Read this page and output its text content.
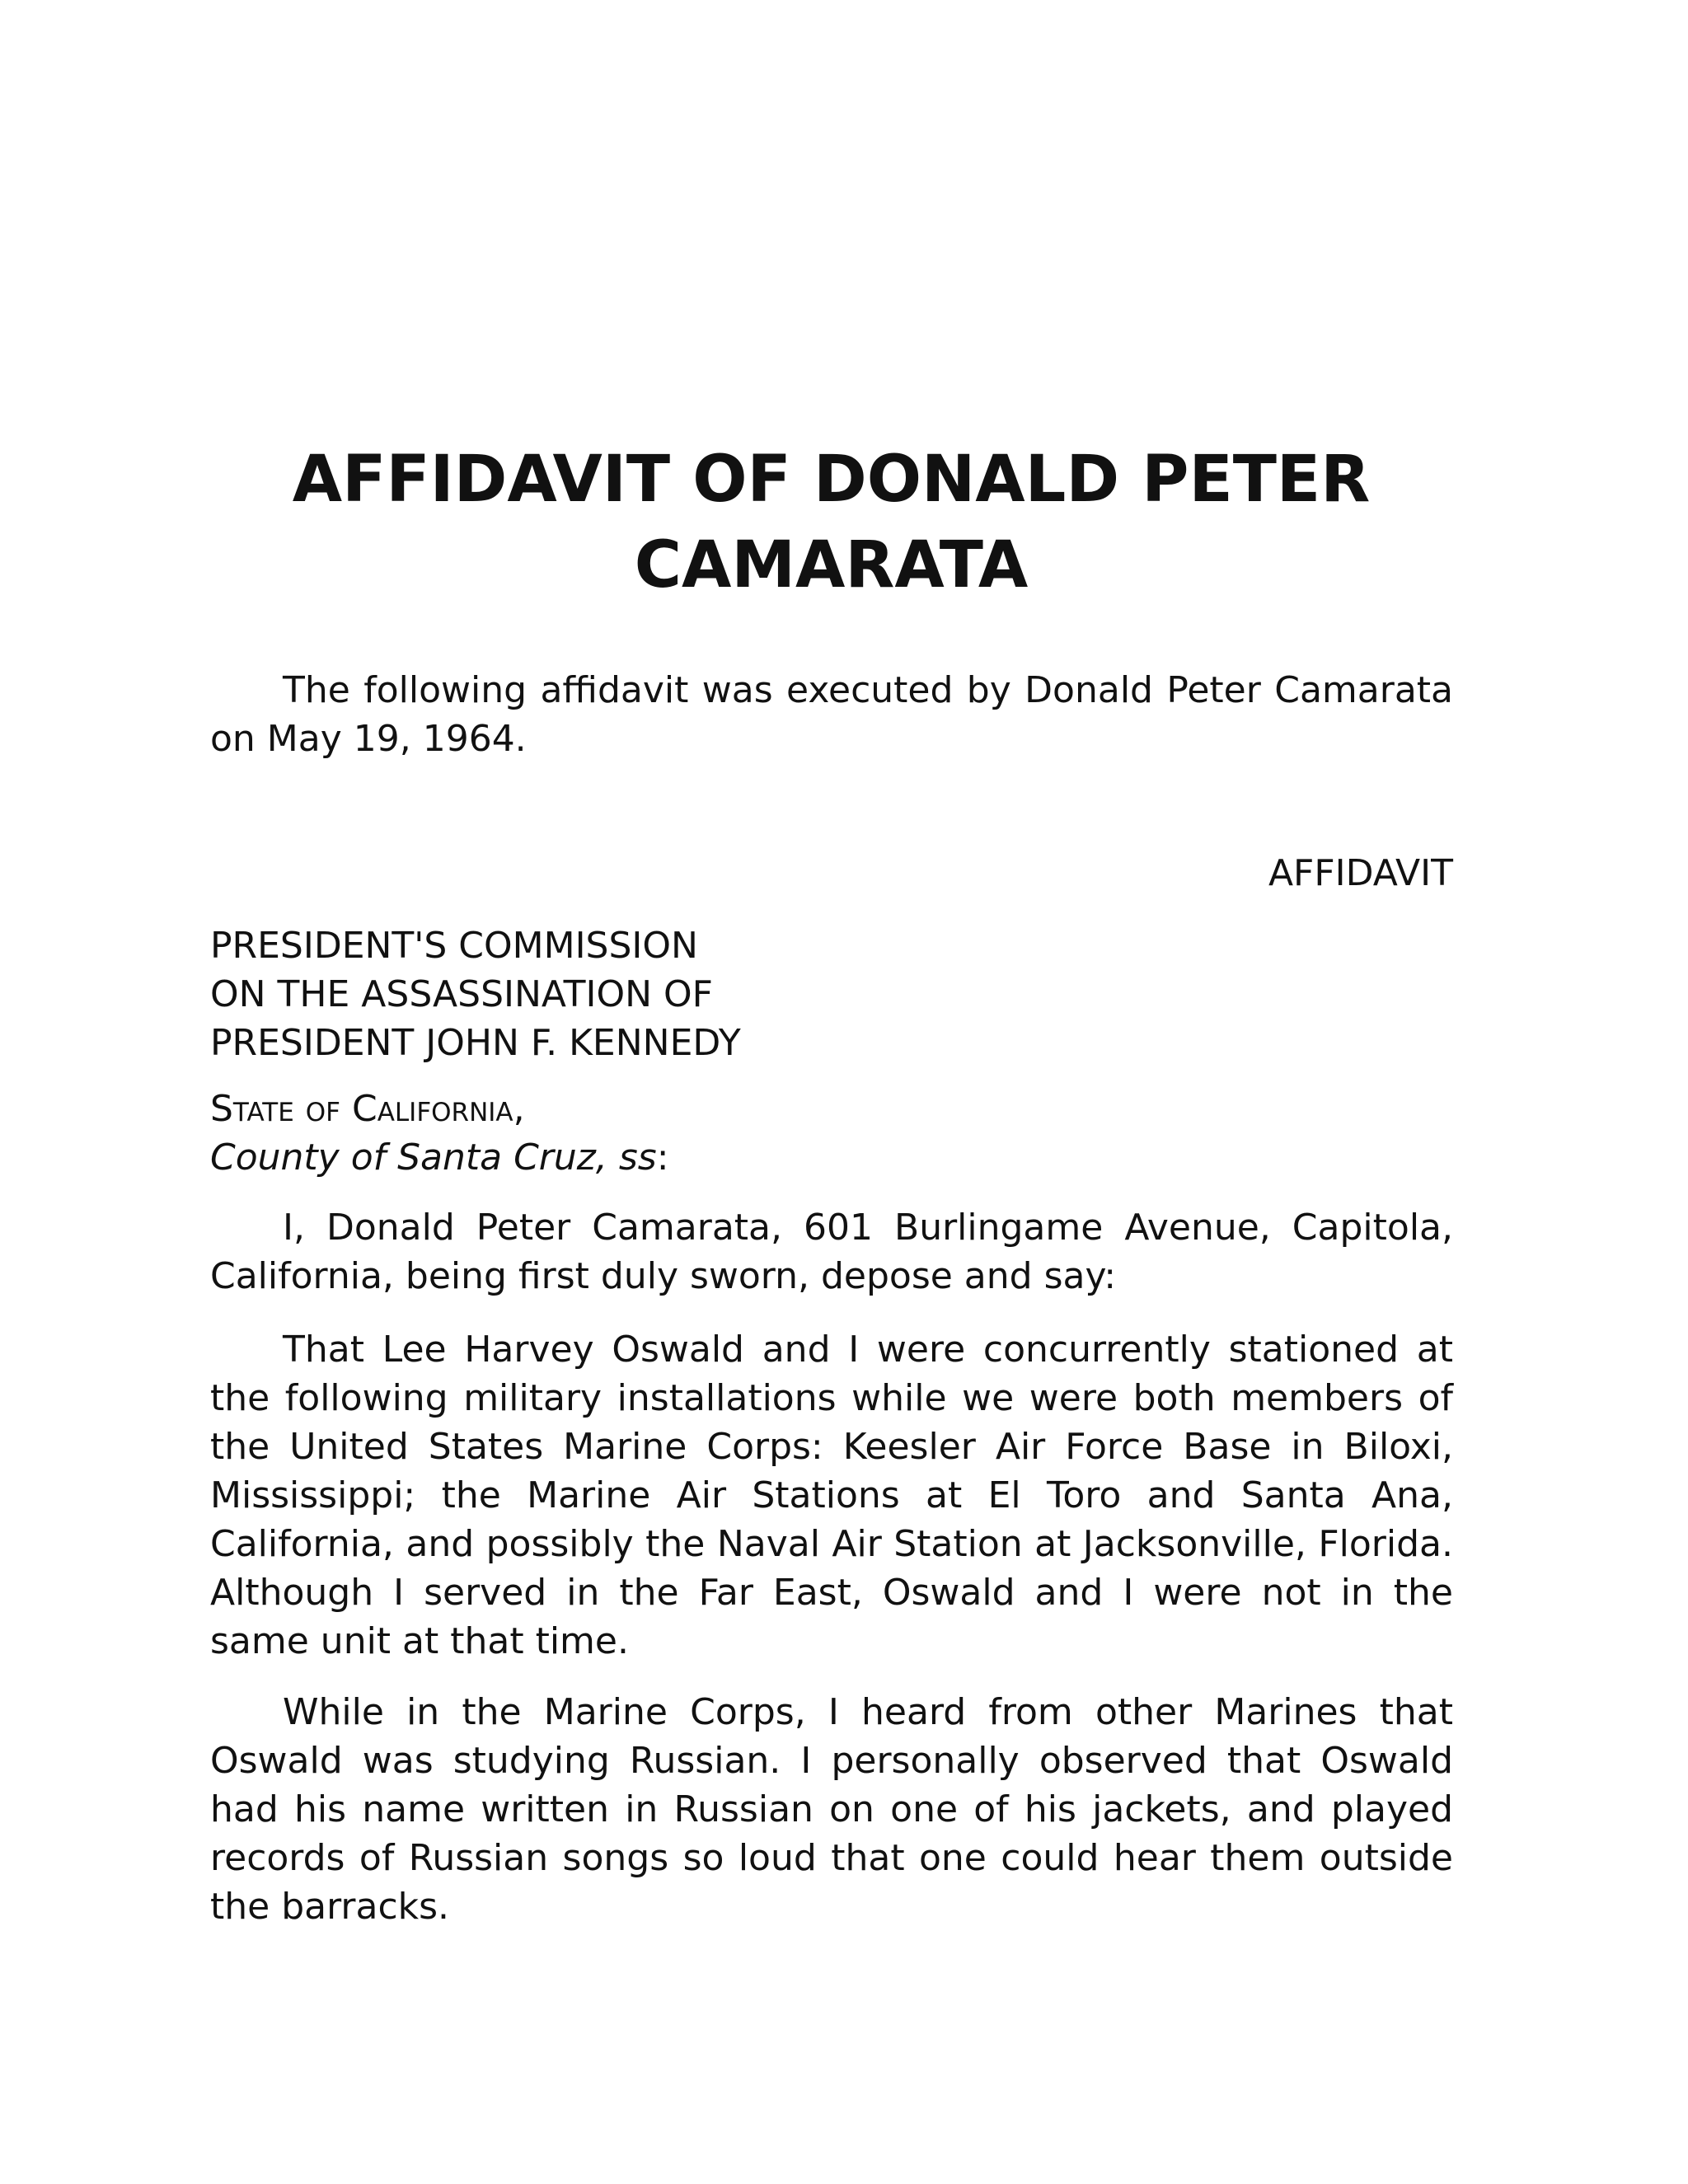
AFFIDAVIT OF DONALD PETER CAMARATA

The following affidavit was executed by Donald Peter Camarata on May 19, 1964.

AFFIDAVIT

PRESIDENT'S COMMISSION
ON THE ASSASSINATION OF
PRESIDENT JOHN F. KENNEDY
State of California,
County of Santa Cruz, ss:

I, Donald Peter Camarata, 601 Burlingame Avenue, Capitola, California, being first duly sworn, depose and say:

That Lee Harvey Oswald and I were concurrently stationed at the following military installations while we were both members of the United States Marine Corps: Keesler Air Force Base in Biloxi, Mississippi; the Marine Air Stations at El Toro and Santa Ana, California, and possibly the Naval Air Station at Jacksonville, Florida. Although I served in the Far East, Oswald and I were not in the same unit at that time.

While in the Marine Corps, I heard from other Marines that Oswald was studying Russian. I personally observed that Oswald had his name written in Russian on one of his jackets, and played records of Russian songs so loud that one could hear them outside the barracks.
